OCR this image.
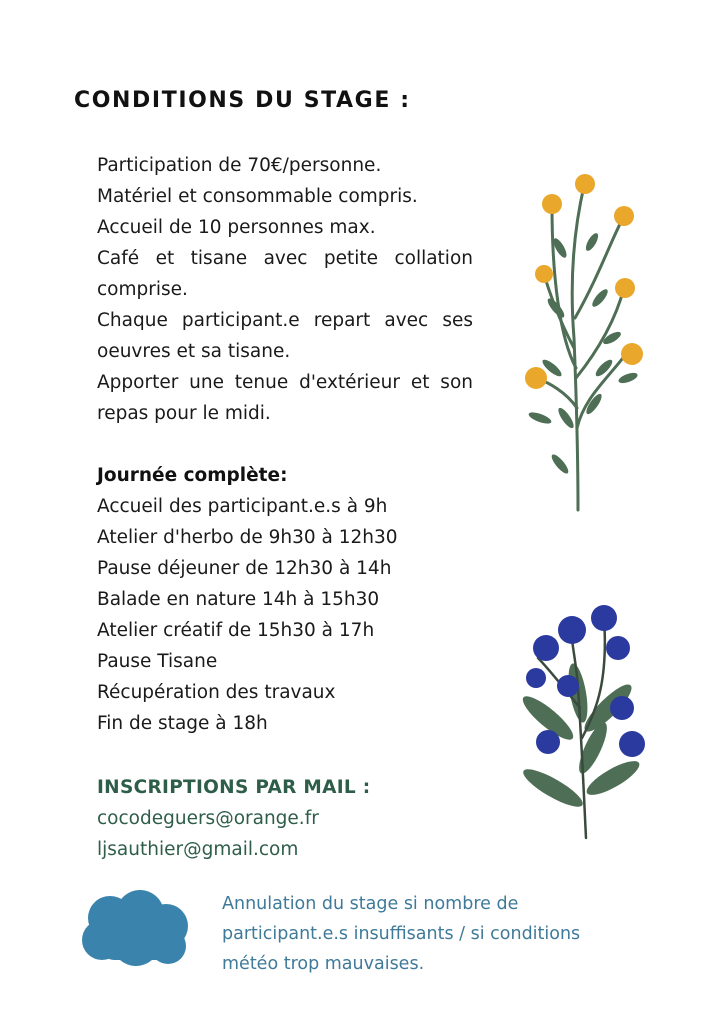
CONDITIONS DU STAGE :
Participation de 70€/personne.
Matériel et consommable compris.
Accueil de 10 personnes max.
Café et tisane avec petite collation comprise.
Chaque participant.e repart avec ses oeuvres et sa tisane.
Apporter une tenue d'extérieur et son repas pour le midi.
Journée complète:
Accueil des participant.e.s à 9h
Atelier d'herbo de 9h30 à 12h30
Pause déjeuner de 12h30 à 14h
Balade en nature 14h à 15h30
Atelier créatif de 15h30 à 17h
Pause Tisane
Récupération des travaux
Fin de stage à 18h
INSCRIPTIONS PAR MAIL :
cocodeguers@orange.fr
ljsauthier@gmail.com
Annulation du stage si nombre de participant.e.s insuffisants / si conditions météo trop mauvaises.
